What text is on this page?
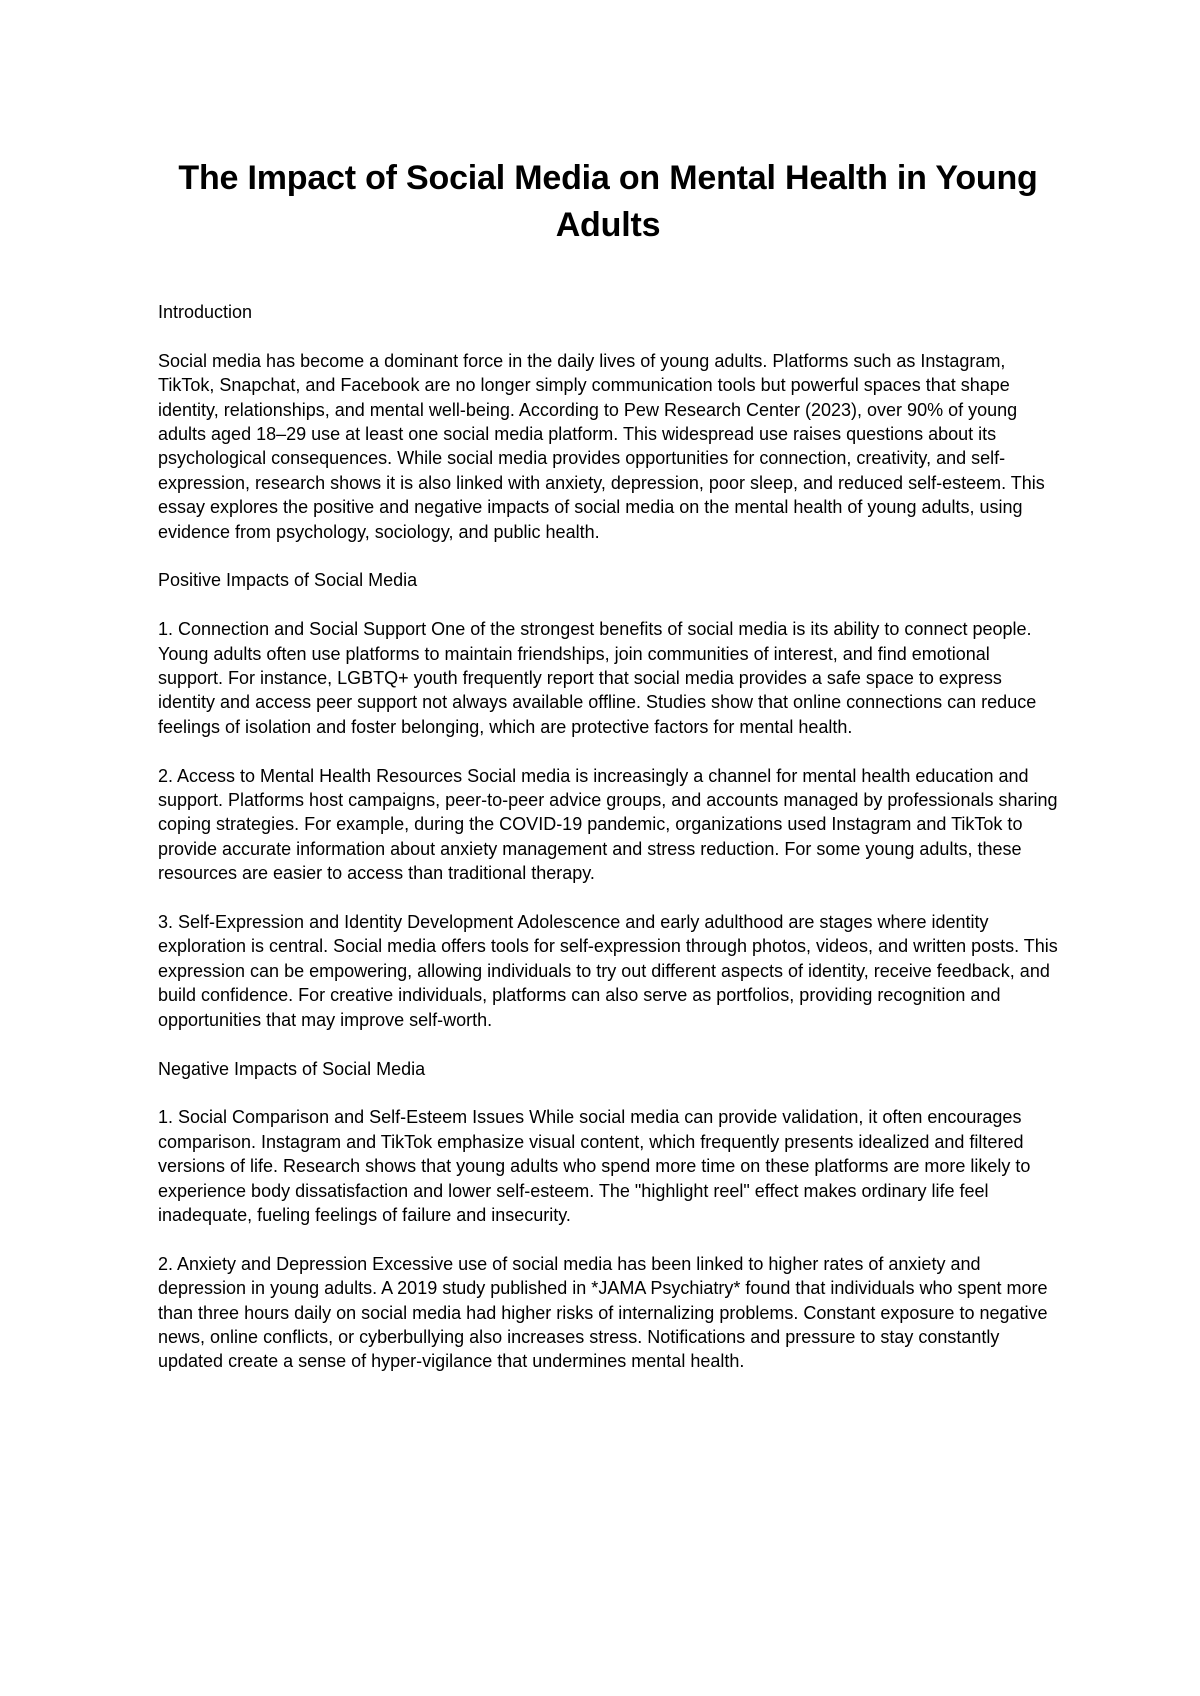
The Impact of Social Media on Mental Health in Young Adults

Introduction

Social media has become a dominant force in the daily lives of young adults. Platforms such as Instagram, TikTok, Snapchat, and Facebook are no longer simply communication tools but powerful spaces that shape identity, relationships, and mental well-being. According to Pew Research Center (2023), over 90% of young adults aged 18–29 use at least one social media platform. This widespread use raises questions about its psychological consequences. While social media provides opportunities for connection, creativity, and self-expression, research shows it is also linked with anxiety, depression, poor sleep, and reduced self-esteem. This essay explores the positive and negative impacts of social media on the mental health of young adults, using evidence from psychology, sociology, and public health.

Positive Impacts of Social Media

1. Connection and Social Support One of the strongest benefits of social media is its ability to connect people. Young adults often use platforms to maintain friendships, join communities of interest, and find emotional support. For instance, LGBTQ+ youth frequently report that social media provides a safe space to express identity and access peer support not always available offline. Studies show that online connections can reduce feelings of isolation and foster belonging, which are protective factors for mental health.

2. Access to Mental Health Resources Social media is increasingly a channel for mental health education and support. Platforms host campaigns, peer-to-peer advice groups, and accounts managed by professionals sharing coping strategies. For example, during the COVID-19 pandemic, organizations used Instagram and TikTok to provide accurate information about anxiety management and stress reduction. For some young adults, these resources are easier to access than traditional therapy.

3. Self-Expression and Identity Development Adolescence and early adulthood are stages where identity exploration is central. Social media offers tools for self-expression through photos, videos, and written posts. This expression can be empowering, allowing individuals to try out different aspects of identity, receive feedback, and build confidence. For creative individuals, platforms can also serve as portfolios, providing recognition and opportunities that may improve self-worth.

Negative Impacts of Social Media

1. Social Comparison and Self-Esteem Issues While social media can provide validation, it often encourages comparison. Instagram and TikTok emphasize visual content, which frequently presents idealized and filtered versions of life. Research shows that young adults who spend more time on these platforms are more likely to experience body dissatisfaction and lower self-esteem. The "highlight reel" effect makes ordinary life feel inadequate, fueling feelings of failure and insecurity.

2. Anxiety and Depression Excessive use of social media has been linked to higher rates of anxiety and depression in young adults. A 2019 study published in *JAMA Psychiatry* found that individuals who spent more than three hours daily on social media had higher risks of internalizing problems. Constant exposure to negative news, online conflicts, or cyberbullying also increases stress. Notifications and pressure to stay constantly updated create a sense of hyper-vigilance that undermines mental health.
